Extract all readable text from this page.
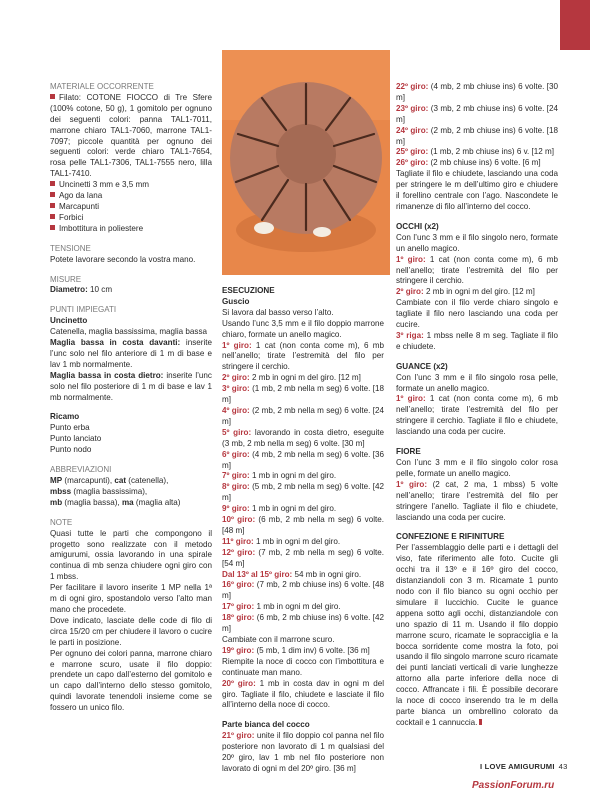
MATERIALE OCCORRENTE

Filato: COTONE FIOCCO di Tre Sfere (100% cotone, 50 g), 1 gomitolo per ognuno dei seguenti colori: panna TAL1-7011, marrone chiaro TAL1-7060, marrone TAL1-7097; piccole quantità per ognuno dei seguenti colori: verde chiaro TAL1-7654, rosa pelle TAL1-7306, TAL1-7555 nero, lilla TAL1-7410.

Uncinetti 3 mm e 3,5 mm
Ago da lana
Marcapunti
Forbici
Imbottitura in poliestere
TENSIONE

Potete lavorare secondo la vostra mano.

MISURE

Diametro: 10 cm

PUNTI IMPIEGATI
Uncinetto

Catenella, maglia bassissima, maglia bassa

Maglia bassa in costa davanti: inserite l’unc solo nel filo anteriore di 1 m di base e lav 1 mb normalmente.

Maglia bassa in costa dietro: inserite l’unc solo nel filo posteriore di 1 m di base e lav 1 mb normalmente.

Ricamo
Punto erba
Punto lanciato
Punto nodo
ABBREVIAZIONI
MP (marcapunti), cat (catenella),
mbss (maglia bassissima),
mb (maglia bassa), ma (maglia alta)
NOTE

Quasi tutte le parti che compongono il progetto sono realizzate con il metodo amigurumi, ossia lavorando in una spirale continua di mb senza chiudere ogni giro con 1 mbss.

Per facilitare il lavoro inserite 1 MP nella 1ª m di ogni giro, spostandolo verso l’alto man mano che procedete.

Dove indicato, lasciate delle code di filo di circa 15/20 cm per chiudere il lavoro o cucire le parti in posizione.

Per ognuno dei colori panna, marrone chiaro e marrone scuro, usate il filo doppio: prendete un capo dall’esterno del gomitolo e un capo dall’interno dello stesso gomitolo, quindi lavorate tenendoli insieme come se fossero un unico filo.

ESECUZIONE
Guscio

Si lavora dal basso verso l’alto.

Usando l’unc 3,5 mm e il filo doppio marrone chiaro, formate un anello magico.

1º giro: 1 cat (non conta come m), 6 mb nell’anello; tirate l’estremità del filo per stringere il cerchio.

2º giro: 2 mb in ogni m del giro. [12 m]

3º giro: (1 mb, 2 mb nella m seg) 6 volte. [18 m]

4º giro: (2 mb, 2 mb nella m seg) 6 volte. [24 m]

5º giro: lavorando in costa dietro, eseguite (3 mb, 2 mb nella m seg) 6 volte. [30 m]

6º giro: (4 mb, 2 mb nella m seg) 6 volte. [36 m]

7º giro: 1 mb in ogni m del giro.

8º giro: (5 mb, 2 mb nella m seg) 6 volte. [42 m]

9º giro: 1 mb in ogni m del giro.

10º giro: (6 mb, 2 mb nella m seg) 6 volte. [48 m]

11º giro: 1 mb in ogni m del giro.

12º giro: (7 mb, 2 mb nella m seg) 6 volte. [54 m]

Dal 13º al 15º giro: 54 mb in ogni giro.

16º giro: (7 mb, 2 mb chiuse ins) 6 volte. [48 m]

17º giro: 1 mb in ogni m del giro.

18º giro: (6 mb, 2 mb chiuse ins) 6 volte. [42 m]

Cambiate con il marrone scuro.

19º giro: (5 mb, 1 dim inv) 6 volte. [36 m]

Riempite la noce di cocco con l’imbottitura e continuate man mano.

20º giro: 1 mb in costa dav in ogni m del giro. Tagliate il filo, chiudete e lasciate il filo all’interno della noce di cocco.

Parte bianca del cocco

21º giro: unite il filo doppio col panna nel filo posteriore non lavorato di 1 m qualsiasi del 20º giro, lav 1 mb nel filo posteriore non lavorato di ogni m del 20º giro. [36 m]

22º giro: (4 mb, 2 mb chiuse ins) 6 volte. [30 m]

23º giro: (3 mb, 2 mb chiuse ins) 6 volte. [24 m]

24º giro: (2 mb, 2 mb chiuse ins) 6 volte. [18 m]

25º giro: (1 mb, 2 mb chiuse ins) 6 v. [12 m]

26º giro: (2 mb chiuse ins) 6 volte. [6 m]

Tagliate il filo e chiudete, lasciando una coda per stringere le m dell’ultimo giro e chiudere il forellino centrale con l’ago. Nascondete le rimanenze di filo all’interno del cocco.

OCCHI (x2)

Con l’unc 3 mm e il filo singolo nero, formate un anello magico.

1º giro: 1 cat (non conta come m), 6 mb nell’anello; tirate l’estremità del filo per stringere il cerchio.

2º giro: 2 mb in ogni m del giro. [12 m]

Cambiate con il filo verde chiaro singolo e tagliate il filo nero lasciando una coda per cucire.

3º riga: 1 mbss nelle 8 m seg. Tagliate il filo e chiudete.

GUANCE (x2)

Con l’unc 3 mm e il filo singolo rosa pelle, formate un anello magico.

1º giro: 1 cat (non conta come m), 6 mb nell’anello; tirate l’estremità del filo per stringere il cerchio. Tagliate il filo e chiudete, lasciando una coda per cucire.

FIORE

Con l’unc 3 mm e il filo singolo color rosa pelle, formate un anello magico.

1º giro: (2 cat, 2 ma, 1 mbss) 5 volte nell’anello; tirare l’estremità del filo per stringere l’anello. Tagliate il filo e chiudete, lasciando una coda per cucire.

CONFEZIONE E RIFINITURE

Per l’assemblaggio delle parti e i dettagli del viso, fate riferimento alle foto. Cucite gli occhi tra il 13º e il 16º giro del cocco, distanziandoli con 3 m. Ricamate 1 punto nodo con il filo bianco su ogni occhio per simulare il luccichio. Cucite le guance appena sotto agli occhi, distanziandole con uno spazio di 11 m. Usando il filo doppio marrone scuro, ricamate le sopracciglia e la bocca sorridente come mostra la foto, poi usando il filo singolo marrone scuro ricamate dei punti lanciati verticali di varie lunghezze attorno alla parte inferiore della noce di cocco. Affrancate i fili. È possibile decorare la noce di cocco inserendo tra le m della parte bianca un ombrellino colorato da cocktail e 1 cannuccia.

I LOVE AMIGURUMI 43
PassionForum.ru
